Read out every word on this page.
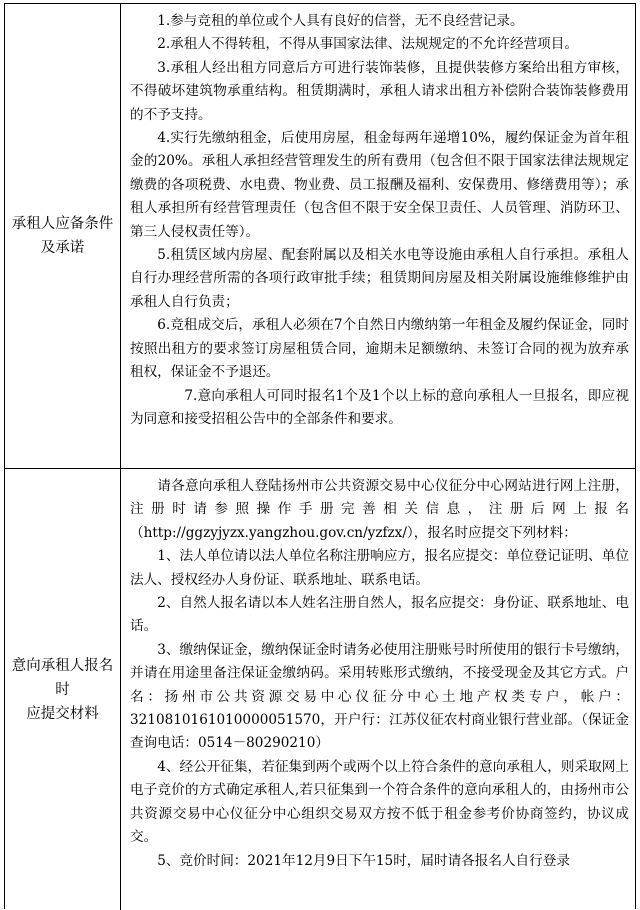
承租人应备条件
及承诺

1.参与竞租的单位或个人具有良好的信誉，无不良经营记录。

2.承租人不得转租，不得从事国家法律、法规规定的不允许经营项目。

3.承租人经出租方同意后方可进行装饰装修，且提供装修方案给出租方审核，不得破坏建筑物承重结构。租赁期满时，承租人请求出租方补偿附合装饰装修费用的不予支持。

4.实行先缴纳租金，后使用房屋，租金每两年递增10%，履约保证金为首年租金的20%。承租人承担经营管理发生的所有费用（包含但不限于国家法律法规规定缴费的各项税费、水电费、物业费、员工报酬及福利、安保费用、修缮费用等）；承租人承担所有经营管理责任（包含但不限于安全保卫责任、人员管理、消防环卫、第三人侵权责任等）。

5.租赁区域内房屋、配套附属以及相关水电等设施由承租人自行承担。承租人自行办理经营所需的各项行政审批手续；租赁期间房屋及相关附属设施维修维护由承租人自行负责；

6.竞租成交后，承租人必须在7个自然日内缴纳第一年租金及履约保证金，同时按照出租方的要求签订房屋租赁合同，逾期未足额缴纳、未签订合同的视为放弃承租权，保证金不予退还。

7.意向承租人可同时报名1个及1个以上标的意向承租人一旦报名，即应视为同意和接受招租公告中的全部条件和要求。

意向承租人报名
时
应提交材料

请各意向承租人登陆扬州市公共资源交易中心仪征分中心网站进行网上注册，注册时请参照操作手册完善相关信息，注册后网上报名（http://ggzyjyzx.yangzhou.gov.cn/yzfzx/），报名时应提交下列材料：

1、法人单位请以法人单位名称注册响应方，报名应提交：单位登记证明、单位法人、授权经办人身份证、联系地址、联系电话。

2、自然人报名请以本人姓名注册自然人，报名应提交：身份证、联系地址、电话。

3、缴纳保证金，缴纳保证金时请务必使用注册账号时所使用的银行卡号缴纳，并请在用途里备注保证金缴纳码。采用转账形式缴纳，不接受现金及其它方式。户名：扬州市公共资源交易中心仪征分中心土地产权类专户，帐户：3210810161010000051570，开户行：江苏仪征农村商业银行营业部。（保证金查询电话：0514－80290210）

4、经公开征集，若征集到两个或两个以上符合条件的意向承租人，则采取网上电子竞价的方式确定承租人,若只征集到一个符合条件的意向承租人的，由扬州市公共资源交易中心仪征分中心组织交易双方按不低于租金参考价协商签约，协议成交。

5、竞价时间：2021年12月9日下午15时，届时请各报名人自行登录
